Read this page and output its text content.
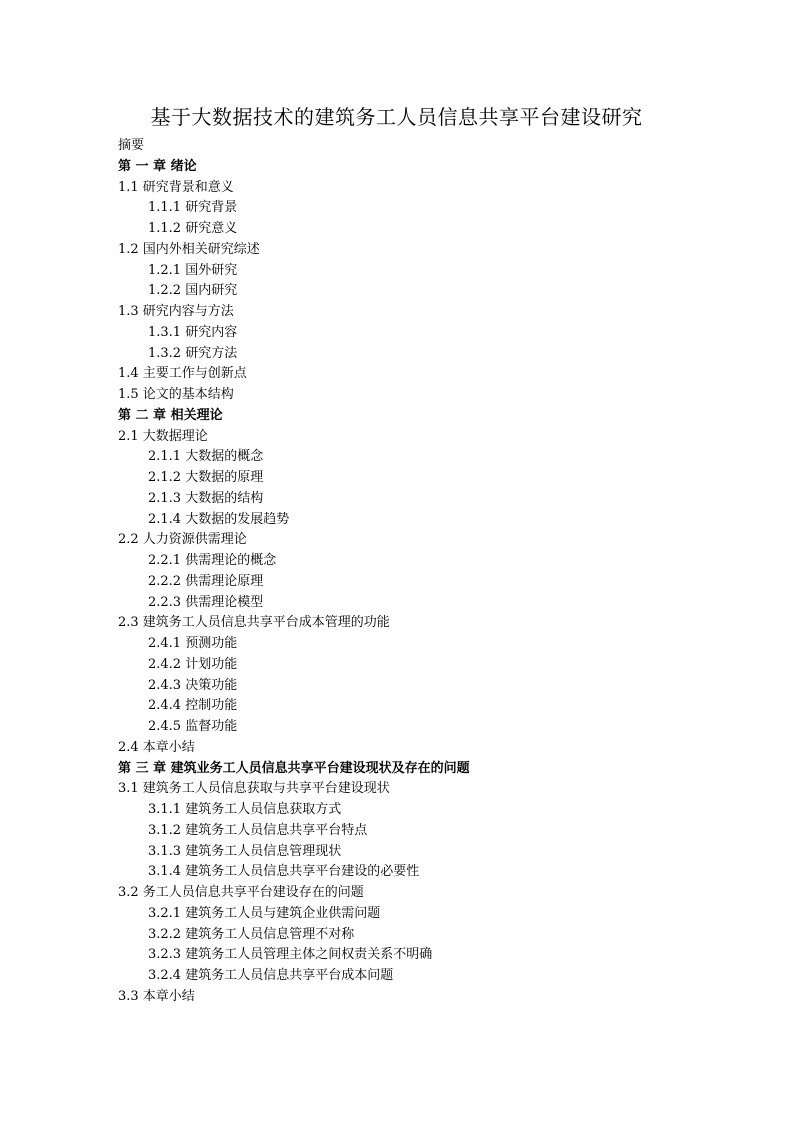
基于大数据技术的建筑务工人员信息共享平台建设研究
摘要
第 一 章 绪论
1.1 研究背景和意义
1.1.1 研究背景
1.1.2 研究意义
1.2 国内外相关研究综述
1.2.1 国外研究
1.2.2 国内研究
1.3 研究内容与方法
1.3.1 研究内容
1.3.2 研究方法
1.4 主要工作与创新点
1.5 论文的基本结构
第 二 章 相关理论
2.1 大数据理论
2.1.1 大数据的概念
2.1.2 大数据的原理
2.1.3 大数据的结构
2.1.4 大数据的发展趋势
2.2 人力资源供需理论
2.2.1 供需理论的概念
2.2.2 供需理论原理
2.2.3 供需理论模型
2.3 建筑务工人员信息共享平台成本管理的功能
2.4.1 预测功能
2.4.2 计划功能
2.4.3 决策功能
2.4.4 控制功能
2.4.5 监督功能
2.4 本章小结
第 三 章 建筑业务工人员信息共享平台建设现状及存在的问题
3.1 建筑务工人员信息获取与共享平台建设现状
3.1.1 建筑务工人员信息获取方式
3.1.2 建筑务工人员信息共享平台特点
3.1.3 建筑务工人员信息管理现状
3.1.4 建筑务工人员信息共享平台建设的必要性
3.2 务工人员信息共享平台建设存在的问题
3.2.1 建筑务工人员与建筑企业供需问题
3.2.2 建筑务工人员信息管理不对称
3.2.3 建筑务工人员管理主体之间权责关系不明确
3.2.4 建筑务工人员信息共享平台成本问题
3.3 本章小结
